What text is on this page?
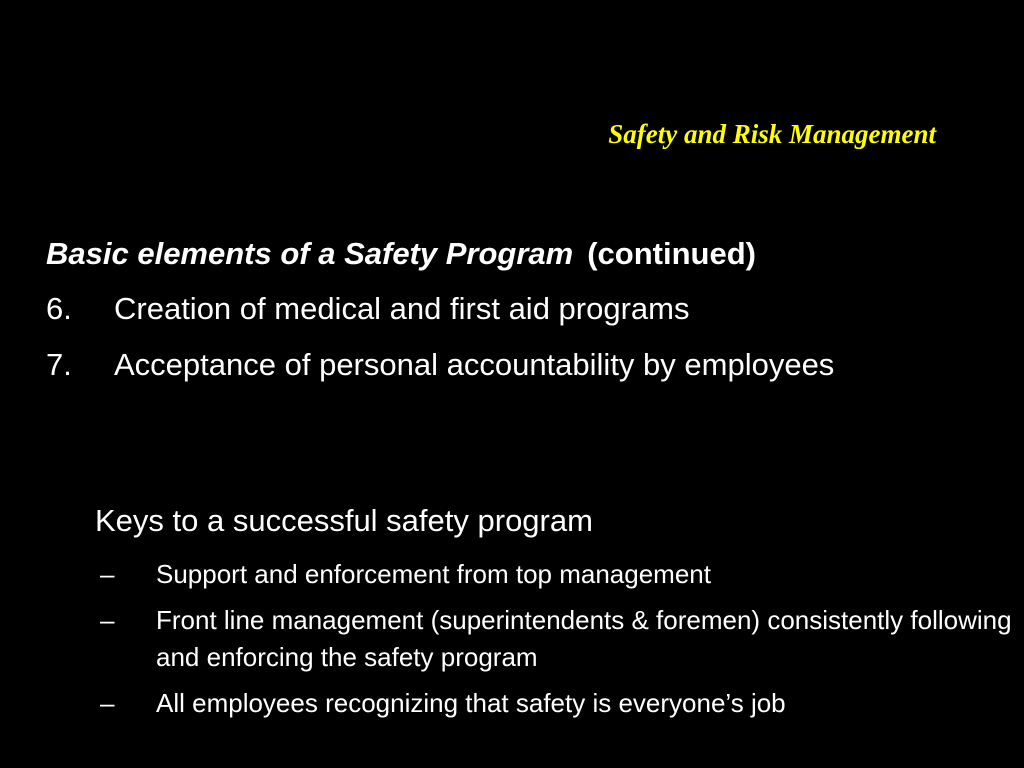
Safety and Risk Management
Basic elements of a Safety Program (continued)
6. Creation of medical and first aid programs
7. Acceptance of personal accountability by employees
Keys to a successful safety program
– Support and enforcement from top management
– Front line management (superintendents & foremen) consistently following and enforcing the safety program
– All employees recognizing that safety is everyone’s job
